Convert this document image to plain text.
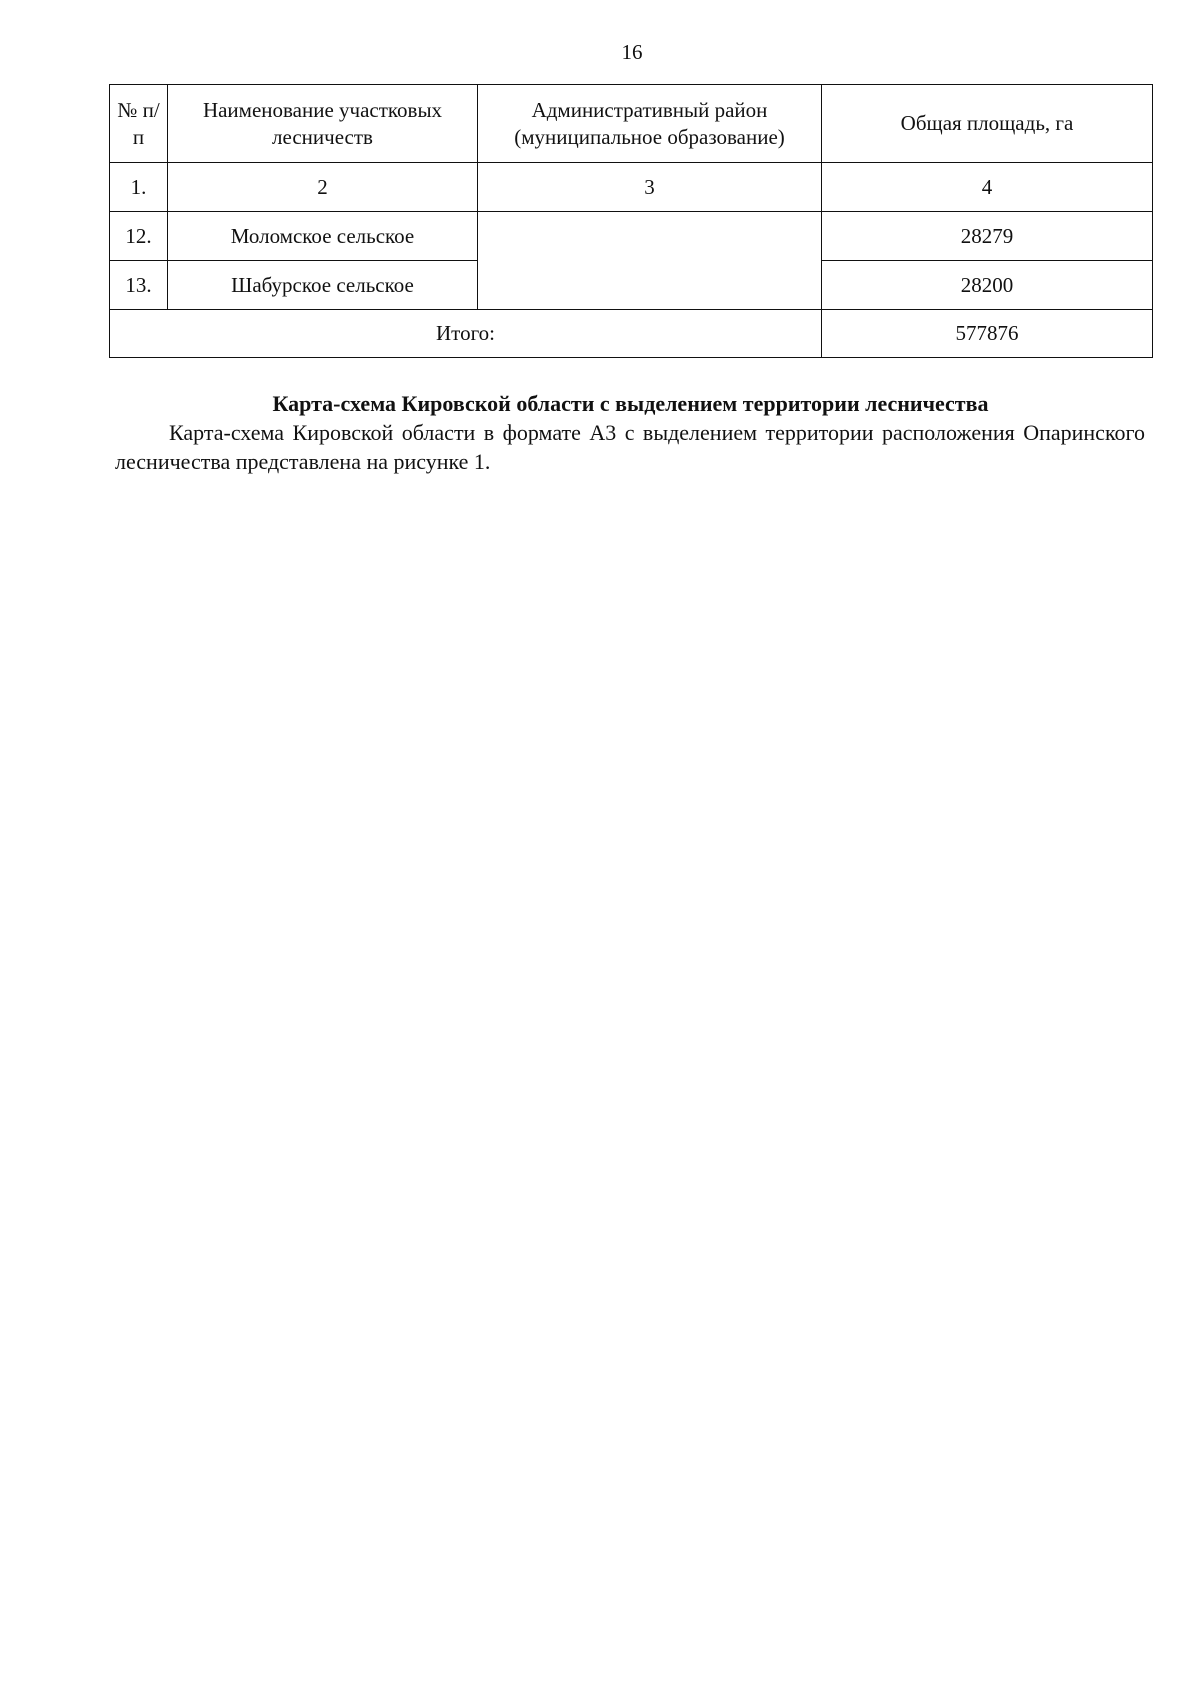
16
№ п/п	Наименование участковых лесничеств	Административный район (муниципальное образование)	Общая площадь, га
1.	2	3	4
12.	Моломское сельское		28279
13.	Шабурское сельское		28200
Итого:			577876
Карта-схема Кировской области с выделением территории лесничества
Карта-схема Кировской области в формате А3 с выделением территории расположения Опаринского лесничества представлена на рисунке 1.
